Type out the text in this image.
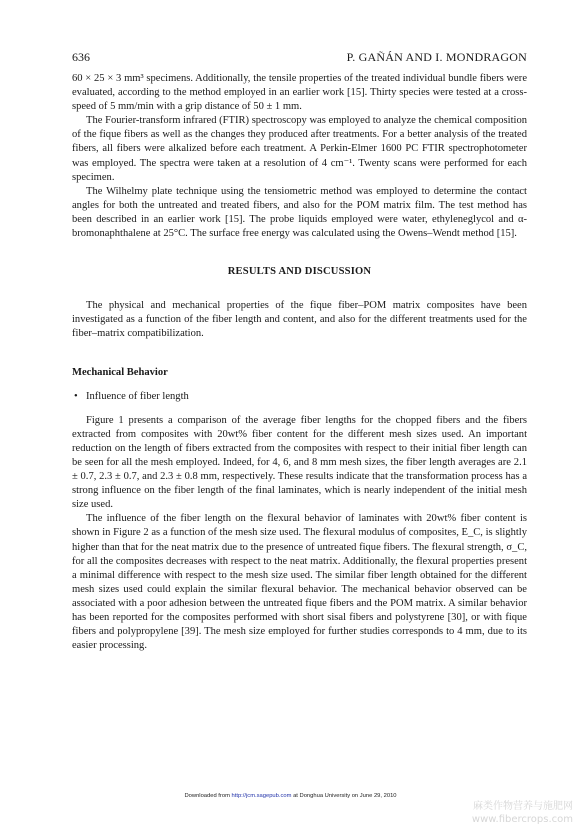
636	P. GAÑÁN AND I. MONDRAGON

60 × 25 × 3 mm³ specimens. Additionally, the tensile properties of the treated individual bundle fibers were evaluated, according to the method employed in an earlier work [15]. Thirty species were tested at a cross-speed of 5 mm/min with a grip distance of 50 ± 1 mm.

The Fourier-transform infrared (FTIR) spectroscopy was employed to analyze the chemical composition of the fique fibers as well as the changes they produced after treatments. For a better analysis of the treated fibers, all fibers were alkalized before each treatment. A Perkin-Elmer 1600 PC FTIR spectrophotometer was employed. The spectra were taken at a resolution of 4 cm⁻¹. Twenty scans were performed for each specimen.

The Wilhelmy plate technique using the tensiometric method was employed to determine the contact angles for both the untreated and treated fibers, and also for the POM matrix film. The test method has been described in an earlier work [15]. The probe liquids employed were water, ethyleneglycol and α-bromonaphthalene at 25°C. The surface free energy was calculated using the Owens–Wendt method [15].

RESULTS AND DISCUSSION

The physical and mechanical properties of the fique fiber–POM matrix composites have been investigated as a function of the fiber length and content, and also for the different treatments used for the fiber–matrix compatibilization.

Mechanical Behavior
• Influence of fiber length

Figure 1 presents a comparison of the average fiber lengths for the chopped fibers and the fibers extracted from composites with 20wt% fiber content for the different mesh sizes used. An important reduction on the length of fibers extracted from the composites with respect to their initial fiber length can be seen for all the mesh employed. Indeed, for 4, 6, and 8 mm mesh sizes, the fiber length averages are 2.1 ± 0.7, 2.3 ± 0.7, and 2.3 ± 0.8 mm, respectively. These results indicate that the transformation process has a strong influence on the fiber length of the final laminates, which is nearly independent of the initial mesh size used.

The influence of the fiber length on the flexural behavior of laminates with 20wt% fiber content is shown in Figure 2 as a function of the mesh size used. The flexural modulus of composites, E_C, is slightly higher than that for the neat matrix due to the presence of untreated fique fibers. The flexural strength, σ_C, for all the composites decreases with respect to the neat matrix. Additionally, the flexural properties present a minimal difference with respect to the mesh size used. The similar fiber length obtained for the different mesh sizes used could explain the similar flexural behavior. The mechanical behavior observed can be associated with a poor adhesion between the untreated fique fibers and the POM matrix. A similar behavior has been reported for the composites performed with short sisal fibers and polystyrene [30], or with fique fibers and polypropylene [39]. The mesh size employed for further studies corresponds to 4 mm, due to its easier processing.

Downloaded from http://jcm.sagepub.com at Donghua University on June 29, 2010
麻类作物营养与施肥网
www.fibercrops.com
